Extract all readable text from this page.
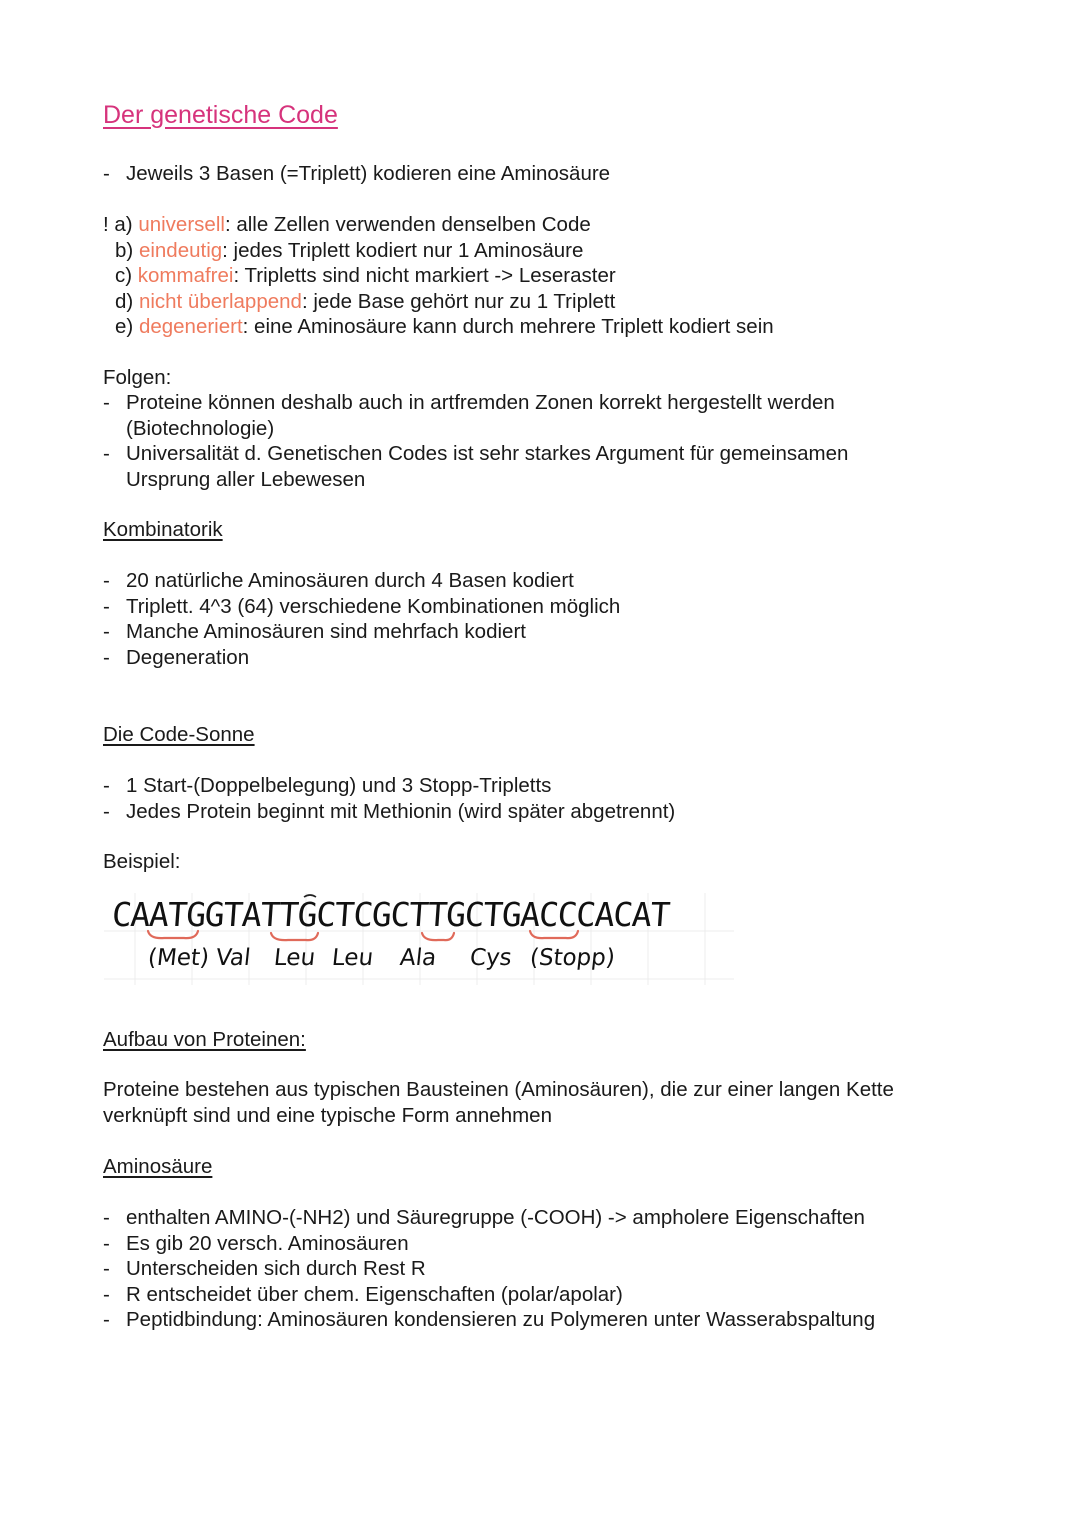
Der genetische Code
- Jeweils 3 Basen (=Triplett) kodieren eine Aminosäure
! a) universell: alle Zellen verwenden denselben Code
b) eindeutig: jedes Triplett kodiert nur 1 Aminosäure
c) kommafrei: Tripletts sind nicht markiert -> Leseraster
d) nicht überlappend: jede Base gehört nur zu 1 Triplett
e) degeneriert: eine Aminosäure kann durch mehrere Triplett kodiert sein
Folgen:
- Proteine können deshalb auch in artfremden Zonen korrekt hergestellt werden
(Biotechnologie)
- Universalität d. Genetischen Codes ist sehr starkes Argument für gemeinsamen
Ursprung aller Lebewesen
Kombinatorik
- 20 natürliche Aminosäuren durch 4 Basen kodiert
- Triplett. 4^3 (64) verschiedene Kombinationen möglich
- Manche Aminosäuren sind mehrfach kodiert
- Degeneration
Die Code-Sonne
- 1 Start-(Doppelbelegung) und 3 Stopp-Tripletts
- Jedes Protein beginnt mit Methionin (wird später abgetrennt)
Beispiel:
CAATGGTATTGCTCGCTTGCTGACCCACAT
(Met) Val Leu Leu Ala Cys (Stopp)
Aufbau von Proteinen:
Proteine bestehen aus typischen Bausteinen (Aminosäuren), die zur einer langen Kette
verknüpft sind und eine typische Form annehmen
Aminosäure
- enthalten AMINO-(-NH2) und Säuregruppe (-COOH) -> ampholere Eigenschaften
- Es gib 20 versch. Aminosäuren
- Unterscheiden sich durch Rest R
- R entscheidet über chem. Eigenschaften (polar/apolar)
- Peptidbindung: Aminosäuren kondensieren zu Polymeren unter Wasserabspaltung
